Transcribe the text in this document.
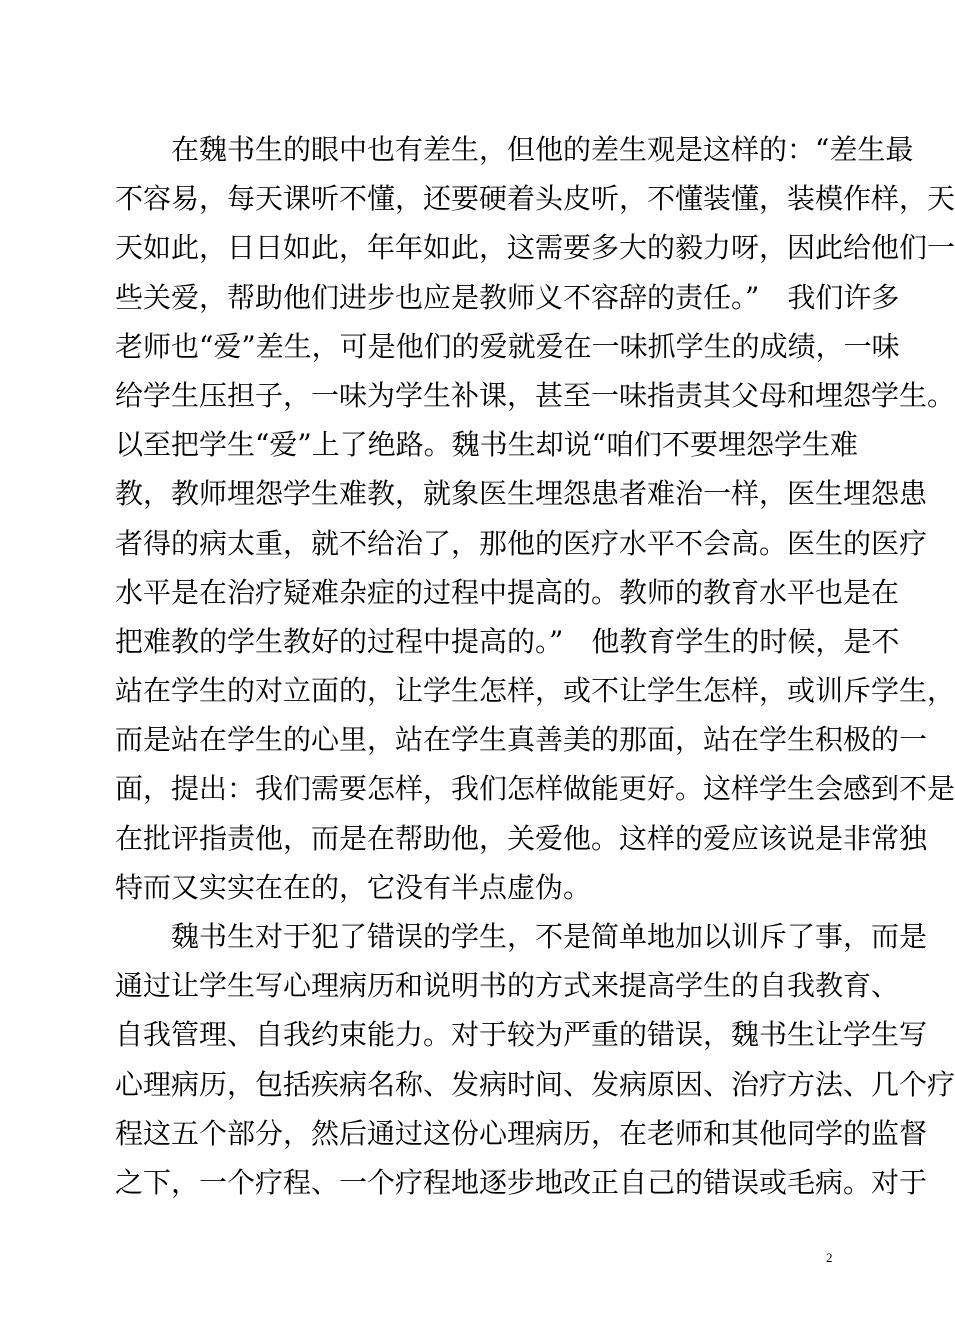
　　在魏书生的眼中也有差生，但他的差生观是这样的：“差生最
不容易，每天课听不懂，还要硬着头皮听，不懂装懂，装模作样，天
天如此，日日如此，年年如此，这需要多大的毅力呀，因此给他们一
些关爱，帮助他们进步也应是教师义不容辞的责任。”　我们许多
老师也“爱”差生，可是他们的爱就爱在一味抓学生的成绩，一味
给学生压担子，一味为学生补课，甚至一味指责其父母和埋怨学生。
以至把学生“爱”上了绝路。魏书生却说“咱们不要埋怨学生难
教，教师埋怨学生难教，就象医生埋怨患者难治一样，医生埋怨患
者得的病太重，就不给治了，那他的医疗水平不会高。医生的医疗
水平是在治疗疑难杂症的过程中提高的。教师的教育水平也是在
把难教的学生教好的过程中提高的。”　他教育学生的时候，是不
站在学生的对立面的，让学生怎样，或不让学生怎样，或训斥学生，
而是站在学生的心里，站在学生真善美的那面，站在学生积极的一
面，提出：我们需要怎样，我们怎样做能更好。这样学生会感到不是
在批评指责他，而是在帮助他，关爱他。这样的爱应该说是非常独
特而又实实在在的，它没有半点虚伪。
　　魏书生对于犯了错误的学生，不是简单地加以训斥了事，而是
通过让学生写心理病历和说明书的方式来提高学生的自我教育、
自我管理、自我约束能力。对于较为严重的错误，魏书生让学生写
心理病历，包括疾病名称、发病时间、发病原因、治疗方法、几个疗
程这五个部分，然后通过这份心理病历，在老师和其他同学的监督
之下，一个疗程、一个疗程地逐步地改正自己的错误或毛病。对于
2
